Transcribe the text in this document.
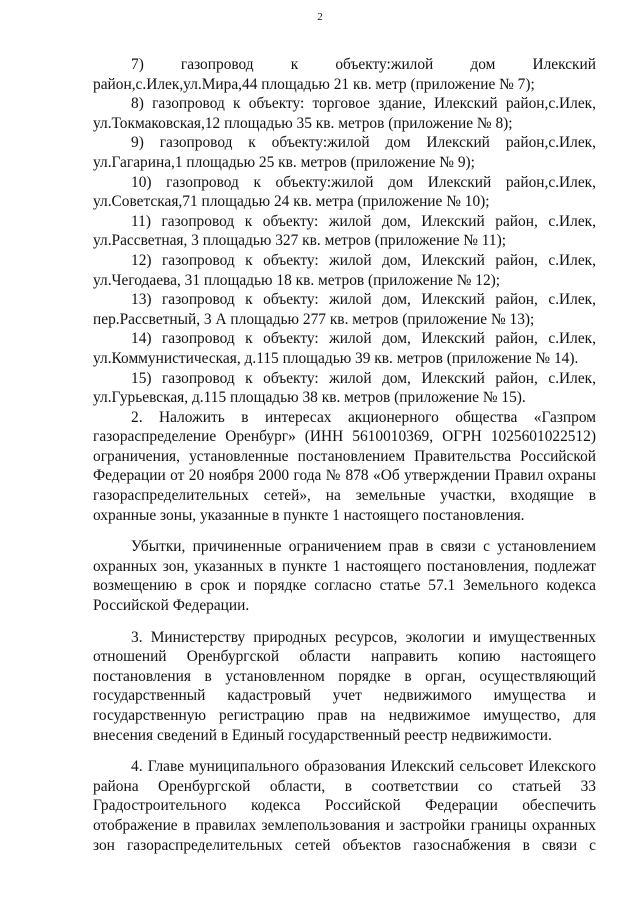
2

7) газопровод к объекту:жилой дом Илекский район,с.Илек,ул.Мира,44 площадью 21 кв. метр (приложение № 7);

8) газопровод к объекту: торговое здание, Илекский район,с.Илек, ул.Токмаковская,12 площадью 35 кв. метров (приложение № 8);

9) газопровод к объекту:жилой дом Илекский район,с.Илек, ул.Гагарина,1 площадью 25 кв. метров (приложение № 9);

10) газопровод к объекту:жилой дом Илекский район,с.Илек, ул.Советская,71 площадью 24 кв. метра (приложение № 10);

11) газопровод к объекту: жилой дом, Илекский район, с.Илек, ул.Рассветная, 3 площадью 327 кв. метров (приложение № 11);

12) газопровод к объекту: жилой дом, Илекский район, с.Илек, ул.Чегодаева, 31 площадью 18 кв. метров (приложение № 12);

13) газопровод к объекту: жилой дом, Илекский район, с.Илек, пер.Рассветный, 3 А площадью 277 кв. метров (приложение № 13);

14) газопровод к объекту: жилой дом, Илекский район, с.Илек, ул.Коммунистическая, д.115 площадью 39 кв. метров (приложение № 14).

15) газопровод к объекту: жилой дом, Илекский район, с.Илек, ул.Гурьевская, д.115 площадью 38 кв. метров (приложение № 15).

2. Наложить в интересах акционерного общества «Газпром газораспределение Оренбург» (ИНН 5610010369, ОГРН 1025601022512) ограничения, установленные постановлением Правительства Российской Федерации от 20 ноября 2000 года № 878 «Об утверждении Правил охраны газораспределительных сетей», на земельные участки, входящие в охранные зоны, указанные в пункте 1 настоящего постановления.

Убытки, причиненные ограничением прав в связи с установлением охранных зон, указанных в пункте 1 настоящего постановления, подлежат возмещению в срок и порядке согласно статье 57.1 Земельного кодекса Российской Федерации.

3. Министерству природных ресурсов, экологии и имущественных отношений Оренбургской области направить копию настоящего постановления в установленном порядке в орган, осуществляющий государственный кадастровый учет недвижимого имущества и государственную регистрацию прав на недвижимое имущество, для внесения сведений в Единый государственный реестр недвижимости.

4. Главе муниципального образования Илекский сельсовет Илекского района Оренбургской области, в соответствии со статьей 33 Градостроительного кодекса Российской Федерации обеспечить отображение в правилах землепользования и застройки границы охранных зон газораспределительных сетей объектов газоснабжения в связи с
